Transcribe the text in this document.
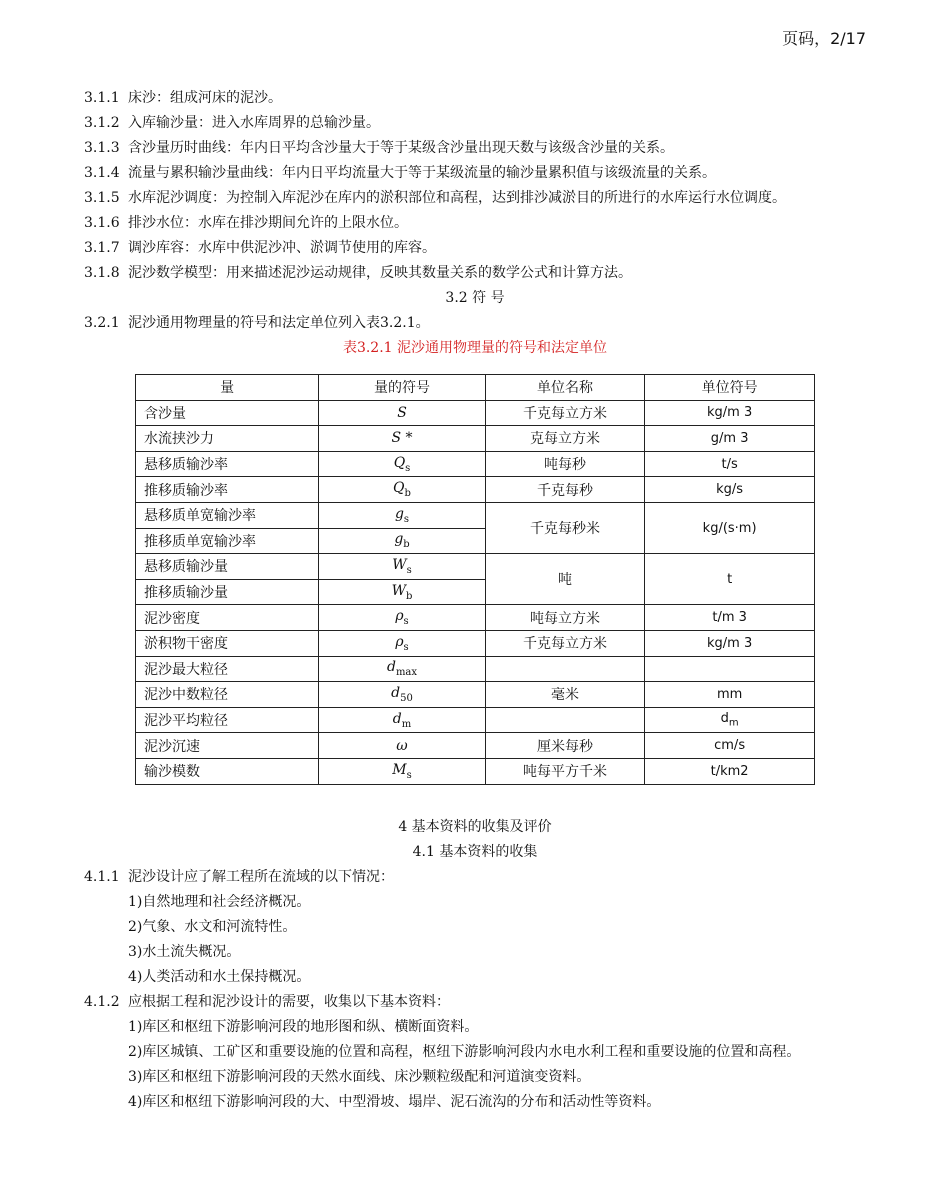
页码，2/17

3.1.1 床沙：组成河床的泥沙。

3.1.2 入库输沙量：进入水库周界的总输沙量。

3.1.3 含沙量历时曲线：年内日平均含沙量大于等于某级含沙量出现天数与该级含沙量的关系。

3.1.4 流量与累积输沙量曲线：年内日平均流量大于等于某级流量的输沙量累积值与该级流量的关系。

3.1.5 水库泥沙调度：为控制入库泥沙在库内的淤积部位和高程，达到排沙减淤目的所进行的水库运行水位调度。

3.1.6 排沙水位：水库在排沙期间允许的上限水位。

3.1.7 调沙库容：水库中供泥沙冲、淤调节使用的库容。

3.1.8 泥沙数学模型：用来描述泥沙运动规律，反映其数量关系的数学公式和计算方法。

3.2 符 号

3.2.1 泥沙通用物理量的符号和法定单位列入表3.2.1。

表3.2.1 泥沙通用物理量的符号和法定单位

量	量的符号	单位名称	单位符号
含沙量	S	千克每立方米	kg/m 3
水流挟沙力	S *	克每立方米	g/m 3
悬移质输沙率	$Q_s$	吨每秒	t/s
推移质输沙率	$Q_b$	千克每秒	kg/s
悬移质单宽输沙率	$g_s$	千克每秒米	kg/(s·m)
推移质单宽输沙率	$g_b$
悬移质输沙量	$W_s$	吨	t
推移质输沙量	$W_b$
泥沙密度	$\rho_s$	吨每立方米	t/m 3
淤积物干密度	$\rho_s$	千克每立方米	kg/m 3
泥沙最大粒径	$d_{max}$		
泥沙中数粒径	$d_{50}$	毫米	mm
泥沙平均粒径	$d_m$		$d_m$
泥沙沉速	ω	厘米每秒	cm/s
输沙模数	$M_s$	吨每平方千米	t/km2

4 基本资料的收集及评价

4.1 基本资料的收集

4.1.1 泥沙设计应了解工程所在流域的以下情况：

1)自然地理和社会经济概况。

2)气象、水文和河流特性。

3)水土流失概况。

4)人类活动和水土保持概况。

4.1.2 应根据工程和泥沙设计的需要，收集以下基本资料：

1)库区和枢纽下游影响河段的地形图和纵、横断面资料。

2)库区城镇、工矿区和重要设施的位置和高程，枢纽下游影响河段内水电水利工程和重要设施的位置和高程。

3)库区和枢纽下游影响河段的天然水面线、床沙颗粒级配和河道演变资料。

4)库区和枢纽下游影响河段的大、中型滑坡、塌岸、泥石流沟的分布和活动性等资料。
